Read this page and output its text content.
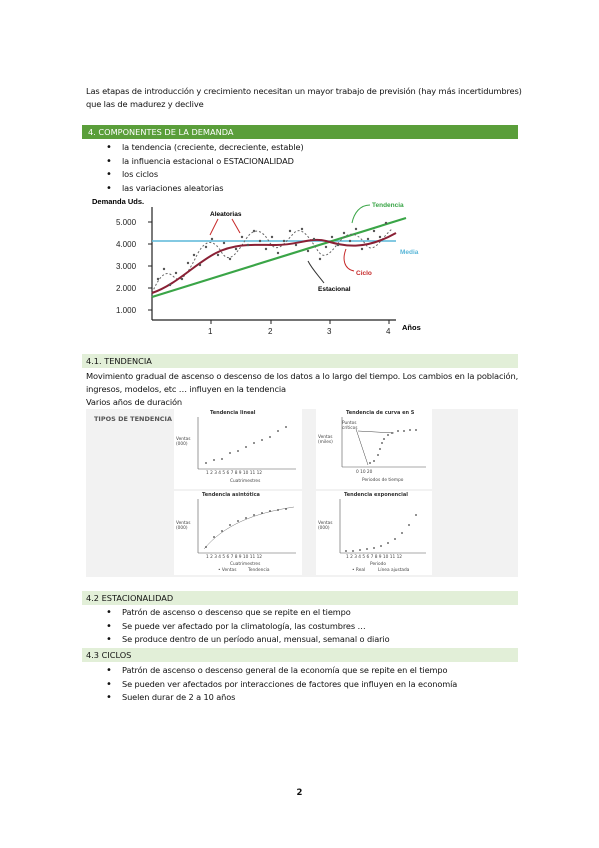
Las etapas de introducción y crecimiento necesitan un mayor trabajo de previsión (hay más incertidumbres) que las de madurez y declive
4. COMPONENTES DE LA DEMANDA
• la tendencia (creciente, decreciente, estable)
• la influencia estacional o ESTACIONALIDAD
• los ciclos
• las variaciones aleatorias
Demanda Uds.
5.000
4.000
3.000
2.000
1.000
1	2	3	4 Años
Aleatorias
Tendencia
Media
Ciclo
Estacional
4.1. TENDENCIA
Movimiento gradual de ascenso o descenso de los datos a lo largo del tiempo. Los cambios en la población, ingresos, modelos, etc … influyen en la tendencia
Varios años de duración
TIPOS DE TENDENCIA
Tendencia lineal
Ventas (000)
1 2 3 4 5 6 7 8 9 10 11 12
Cuatrimestres
Tendencia de curva en S
Ventas (miles)
Puntos críticos
0 10 20
Periodos de tiempo
Tendencia asintótica
Ventas (000)
1 2 3 4 5 6 7 8 9 10 11 12
Cuatrimestres
• Ventas	Tendencia
Tendencia exponencial
Ventas (000)
1 2 3 4 5 6 7 8 9 10 11 12
Periodo
• Real	Línea ajustada
4.2 ESTACIONALIDAD
• Patrón de ascenso o descenso que se repite en el tiempo
• Se puede ver afectado por la climatología, las costumbres …
• Se produce dentro de un período anual, mensual, semanal o diario
4.3 CICLOS
• Patrón de ascenso o descenso general de la economía que se repite en el tiempo
• Se pueden ver afectados por interacciones de factores que influyen en la economía
• Suelen durar de 2 a 10 años
2
